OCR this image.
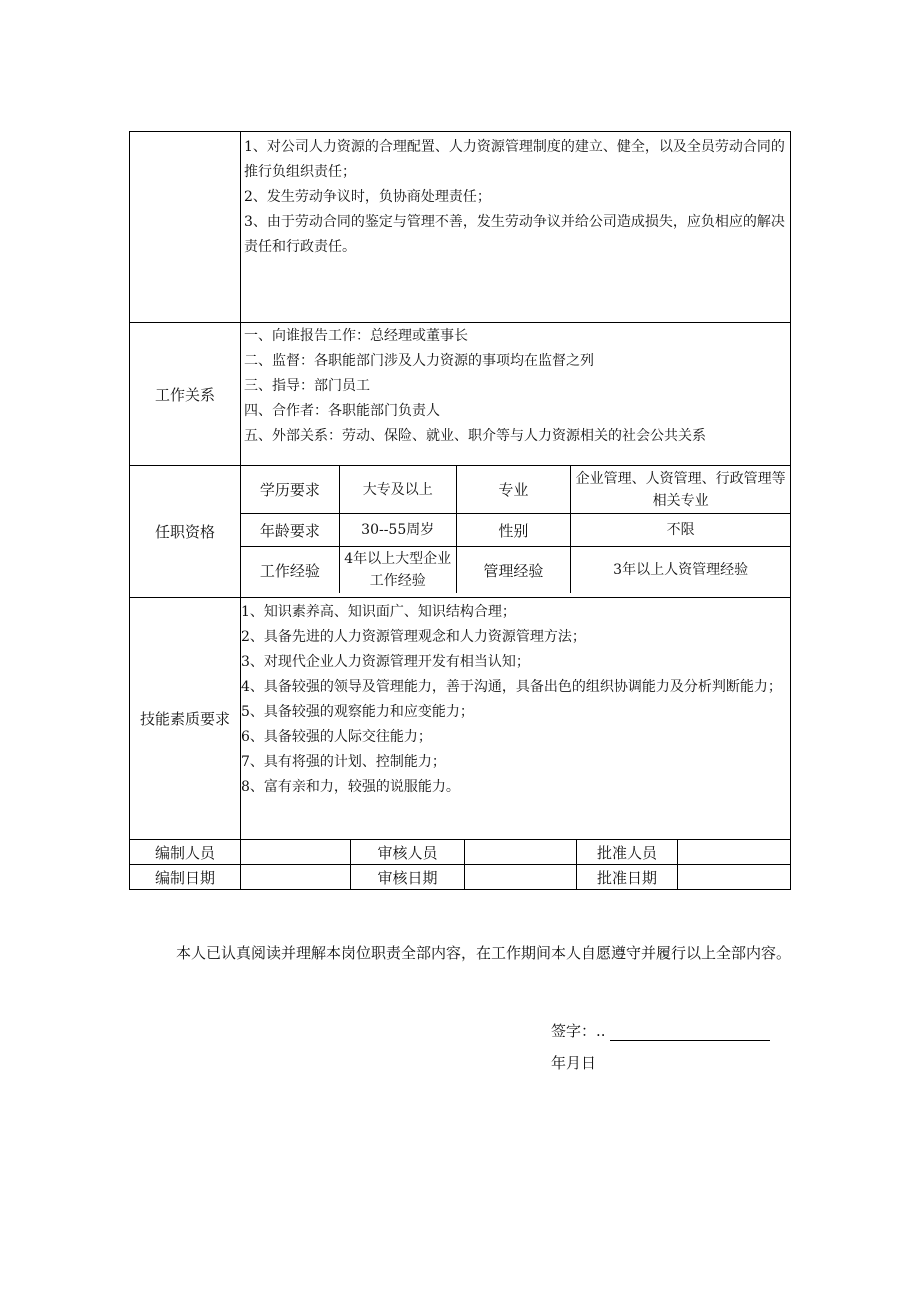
1、对公司人力资源的合理配置、人力资源管理制度的建立、健全，以及全员劳动合同的推行负组织责任；
2、发生劳动争议时，负协商处理责任；
3、由于劳动合同的鉴定与管理不善，发生劳动争议并给公司造成损失，应负相应的解决责任和行政责任。

工作关系	
一、向谁报告工作：总经理或董事长
二、监督：各职能部门涉及人力资源的事项均在监督之列
三、指导：部门员工
四、合作者：各职能部门负责人
五、外部关系：劳动、保险、就业、职介等与人力资源相关的社会公共关系

任职资格	
学历要求	大专及以上	专业	企业管理、人资管理、行政管理等相关专业
年龄要求	30--55周岁	性别	不限
工作经验	4年以上大型企业工作经验	管理经验	3年以上人资管理经验

技能素质要求	
1、知识素养高、知识面广、知识结构合理；
2、具备先进的人力资源管理观念和人力资源管理方法；
3、对现代企业人力资源管理开发有相当认知；
4、具备较强的领导及管理能力，善于沟通，具备出色的组织协调能力及分析判断能力；
5、具备较强的观察能力和应变能力；
6、具备较强的人际交往能力；
7、具有将强的计划、控制能力；
8、富有亲和力，较强的说服能力。

编制人员		审核人员		批准人员	
编制日期		审核日期		批准日期	
本人已认真阅读并理解本岗位职责全部内容，在工作期间本人自愿遵守并履行以上全部内容。
签字：..
年月日
